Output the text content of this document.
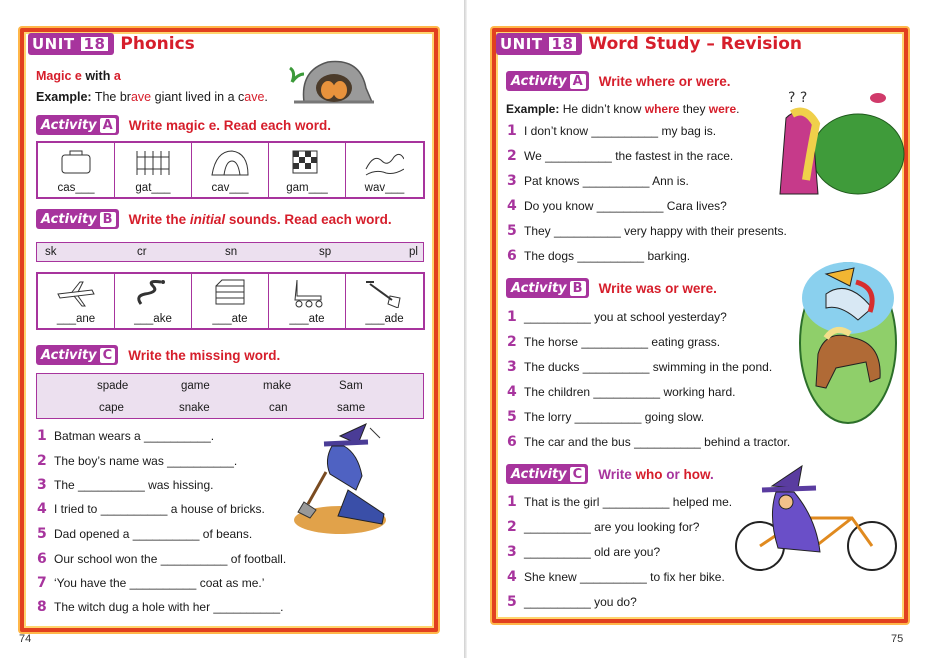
UNIT 18 Phonics
Magic e with a
Example: The brave giant lived in a cave.
Activity A Write magic e. Read each word.
cas___	gat___	cav___	gam___	wav___
Activity B Write the initial sounds. Read each word.
sk	cr	sn	sp	pl
___ane	___ake	___ate	___ate	___ade
Activity C Write the missing word.
spade	game	make	Sam
cape	snake	can	same
1 Batman wears a __________.
2 The boy’s name was __________.
3 The __________ was hissing.
4 I tried to __________ a house of bricks.
5 Dad opened a __________ of beans.
6 Our school won the __________ of football.
7 ‘You have the __________ coat as me.’
8 The witch dug a hole with her __________.
74
UNIT 18 Word Study – Revision
Activity A Write where or were.
Example: He didn’t know where they were.
1 I don’t know __________ my bag is.
2 We __________ the fastest in the race.
3 Pat knows __________ Ann is.
4 Do you know __________ Cara lives?
5 They __________ very happy with their presents.
6 The dogs __________ barking.
? ?
Activity B Write was or were.
1 __________ you at school yesterday?
2 The horse __________ eating grass.
3 The ducks __________ swimming in the pond.
4 The children __________ working hard.
5 The lorry __________ going slow.
6 The car and the bus __________ behind a tractor.
Activity C Write who or how.
1 That is the girl __________ helped me.
2 __________ are you looking for?
3 __________ old are you?
4 She knew __________ to fix her bike.
5 __________ you do?
75
